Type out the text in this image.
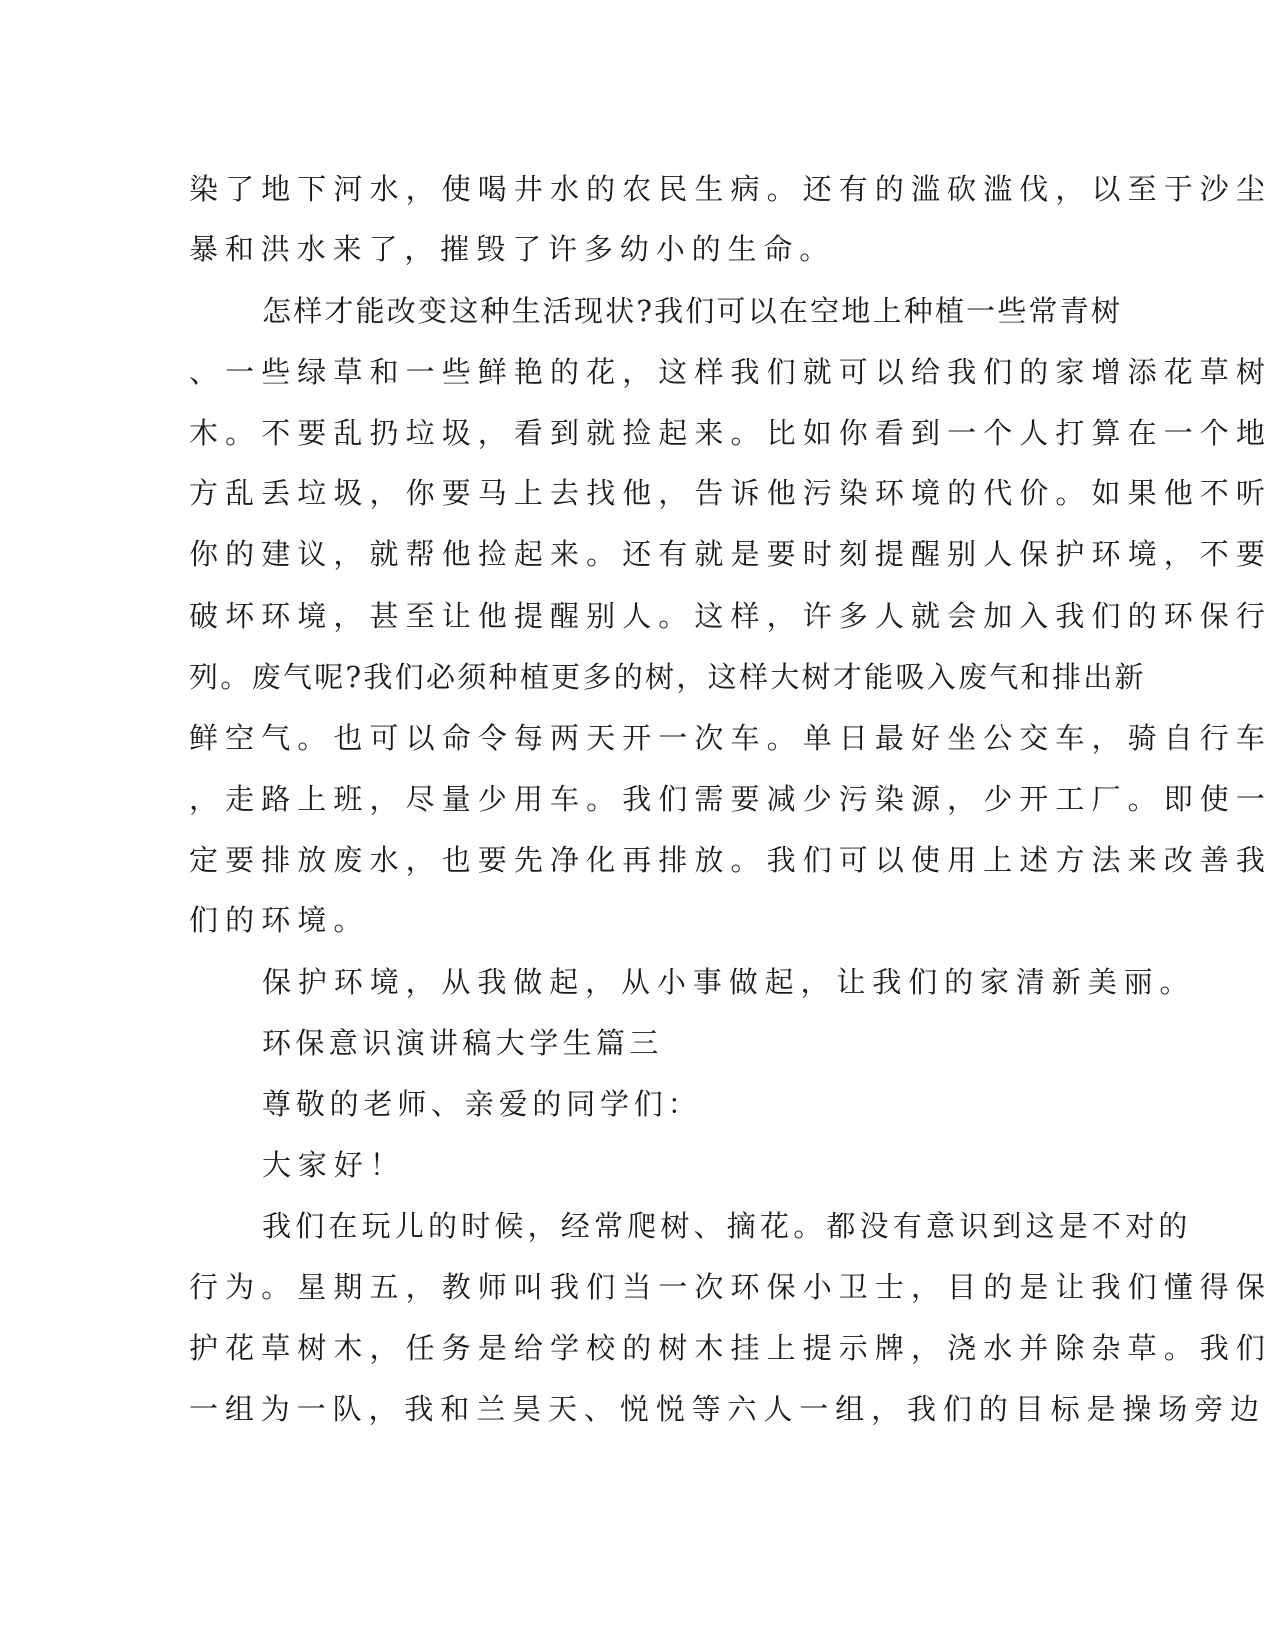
染了地下河水，使喝井水的农民生病。还有的滥砍滥伐，以至于沙尘
暴和洪水来了，摧毁了许多幼小的生命。
怎样才能改变这种生活现状?我们可以在空地上种植一些常青树
、一些绿草和一些鲜艳的花，这样我们就可以给我们的家增添花草树
木。不要乱扔垃圾，看到就捡起来。比如你看到一个人打算在一个地
方乱丢垃圾，你要马上去找他，告诉他污染环境的代价。如果他不听
你的建议，就帮他捡起来。还有就是要时刻提醒别人保护环境，不要
破坏环境，甚至让他提醒别人。这样，许多人就会加入我们的环保行
列。废气呢?我们必须种植更多的树，这样大树才能吸入废气和排出新
鲜空气。也可以命令每两天开一次车。单日最好坐公交车，骑自行车
，走路上班，尽量少用车。我们需要减少污染源，少开工厂。即使一
定要排放废水，也要先净化再排放。我们可以使用上述方法来改善我
们的环境。
保护环境，从我做起，从小事做起，让我们的家清新美丽。
环保意识演讲稿大学生篇三
尊敬的老师、亲爱的同学们：
大家好！
我们在玩儿的时候，经常爬树、摘花。都没有意识到这是不对的
行为。星期五，教师叫我们当一次环保小卫士，目的是让我们懂得保
护花草树木，任务是给学校的树木挂上提示牌，浇水并除杂草。我们
一组为一队，我和兰昊天、悦悦等六人一组，我们的目标是操场旁边
